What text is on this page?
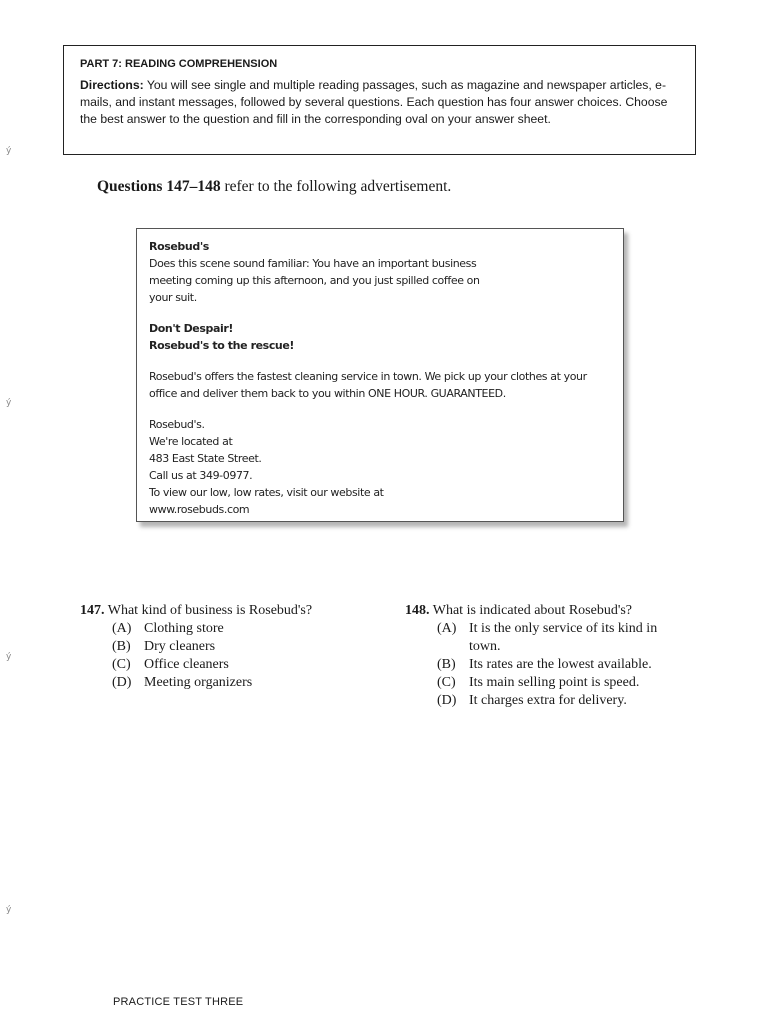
ý
ý
ý
ý
PART 7: READING COMPREHENSION
Directions: You will see single and multiple reading passages, such as magazine and newspaper articles, e-mails, and instant messages, followed by several questions. Each question has four answer choices. Choose the best answer to the question and fill in the corresponding oval on your answer sheet.
Questions 147–148 refer to the following advertisement.

Rosebud's

Does this scene sound familiar: You have an important business meeting coming up this afternoon, and you just spilled coffee on your suit.

Don't Despair!

Rosebud's to the rescue!

Rosebud's offers the fastest cleaning service in town. We pick up your clothes at your office and deliver them back to you within ONE HOUR. GUARANTEED.

Rosebud's.

We're located at

483 East State Street.

Call us at 349-0977.

To view our low, low rates, visit our website at

www.rosebuds.com

147. What kind of business is Rosebud's?
(A) Clothing store
(B) Dry cleaners
(C) Office cleaners
(D) Meeting organizers
148. What is indicated about Rosebud's?
(A) It is the only service of its kind in town.
(B) Its rates are the lowest available.
(C) Its main selling point is speed.
(D) It charges extra for delivery.
PRACTICE TEST THREE
